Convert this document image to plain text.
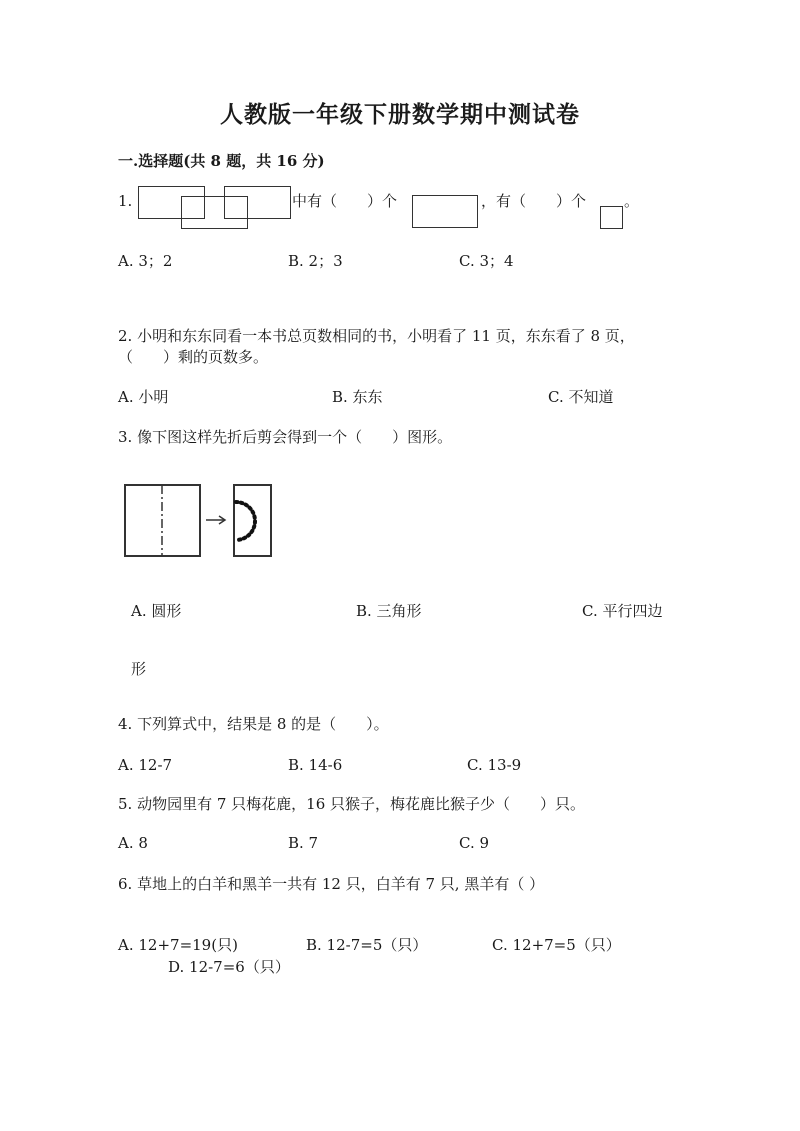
人教版一年级下册数学期中测试卷
一.选择题(共 8 题，共 16 分)
1.	中有（　　）个	，有（　　）个	。
A. 3；2	B. 2；3	C. 3；4
2. 小明和东东同看一本书总页数相同的书，小明看了 11 页，东东看了 8 页，
（　　）剩的页数多。
A. 小明	B. 东东	C. 不知道
3. 像下图这样先折后剪会得到一个（　　）图形。
A. 圆形	B. 三角形	C. 平行四边
形
4. 下列算式中，结果是 8 的是（　　）。
A. 12-7	B. 14-6	C. 13-9
5. 动物园里有 7 只梅花鹿，16 只猴子，梅花鹿比猴子少（　　）只。
A. 8	B. 7	C. 9
6. 草地上的白羊和黑羊一共有 12 只，白羊有 7 只, 黑羊有（ ）
A. 12+7=19(只)	B. 12-7=5（只）	C. 12+7=5（只）
D. 12-7=6（只）
